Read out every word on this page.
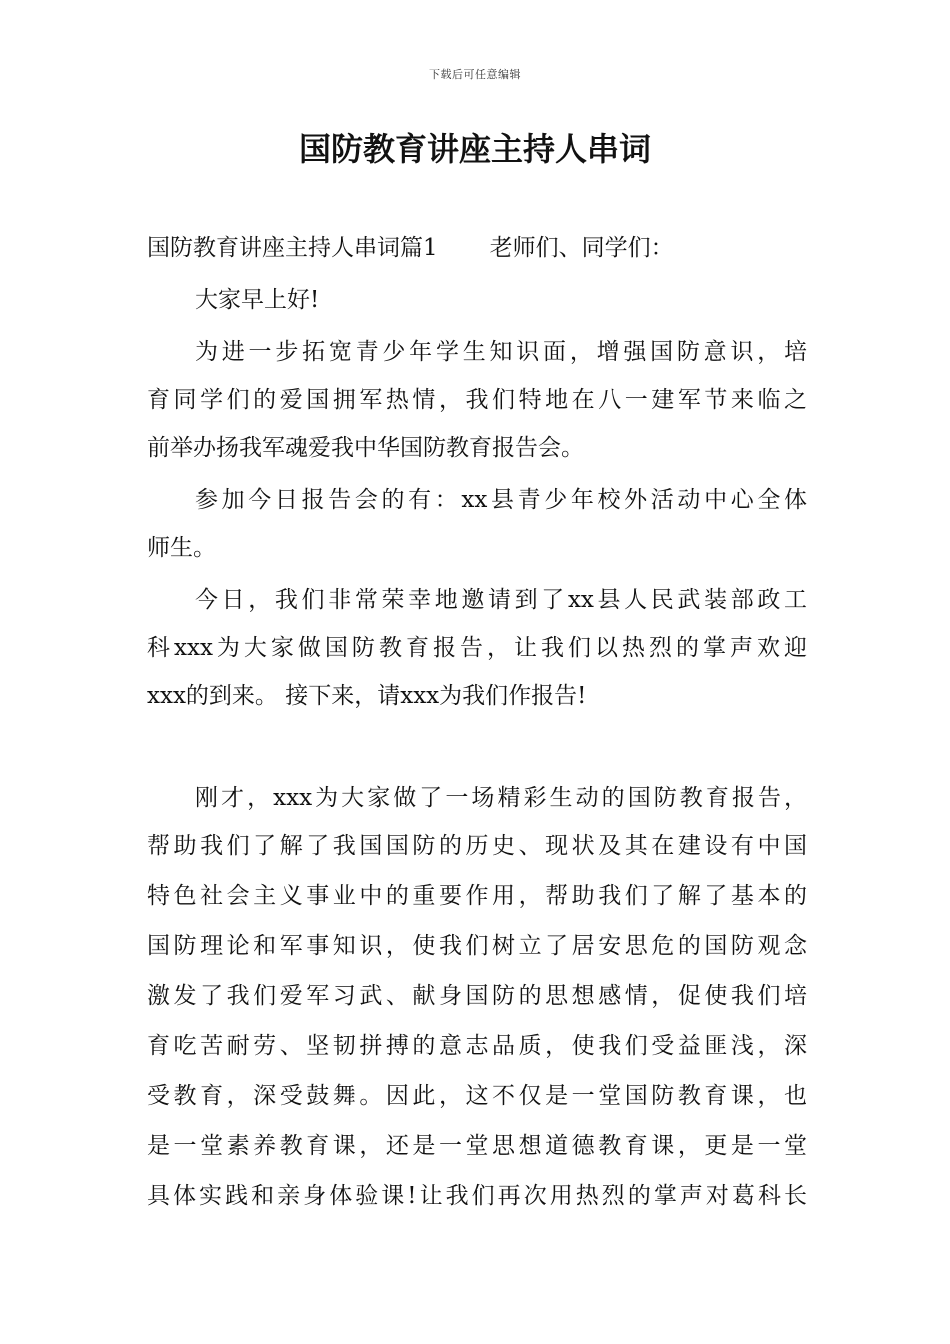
下载后可任意编辑
国防教育讲座主持人串词
国防教育讲座主持人串词篇1 老师们、同学们：

大家早上好!

为进一步拓宽青少年学生知识面，增强国防意识，培

育同学们的爱国拥军热情，我们特地在八一建军节来临之

前举办扬我军魂爱我中华国防教育报告会。

参加今日报告会的有：xx县青少年校外活动中心全体

师生。

今日，我们非常荣幸地邀请到了xx县人民武装部政工

科xxx为大家做国防教育报告，让我们以热烈的掌声欢迎

xxx的到来。 接下来，请xxx为我们作报告!

刚才，xxx为大家做了一场精彩生动的国防教育报告，

帮助我们了解了我国国防的历史、现状及其在建设有中国

特色社会主义事业中的重要作用，帮助我们了解了基本的

国防理论和军事知识，使我们树立了居安思危的国防观念

激发了我们爱军习武、献身国防的思想感情，促使我们培

育吃苦耐劳、坚韧拼搏的意志品质，使我们受益匪浅，深

受教育，深受鼓舞。因此，这不仅是一堂国防教育课，也

是一堂素养教育课，还是一堂思想道德教育课，更是一堂

具体实践和亲身体验课!让我们再次用热烈的掌声对葛科长
